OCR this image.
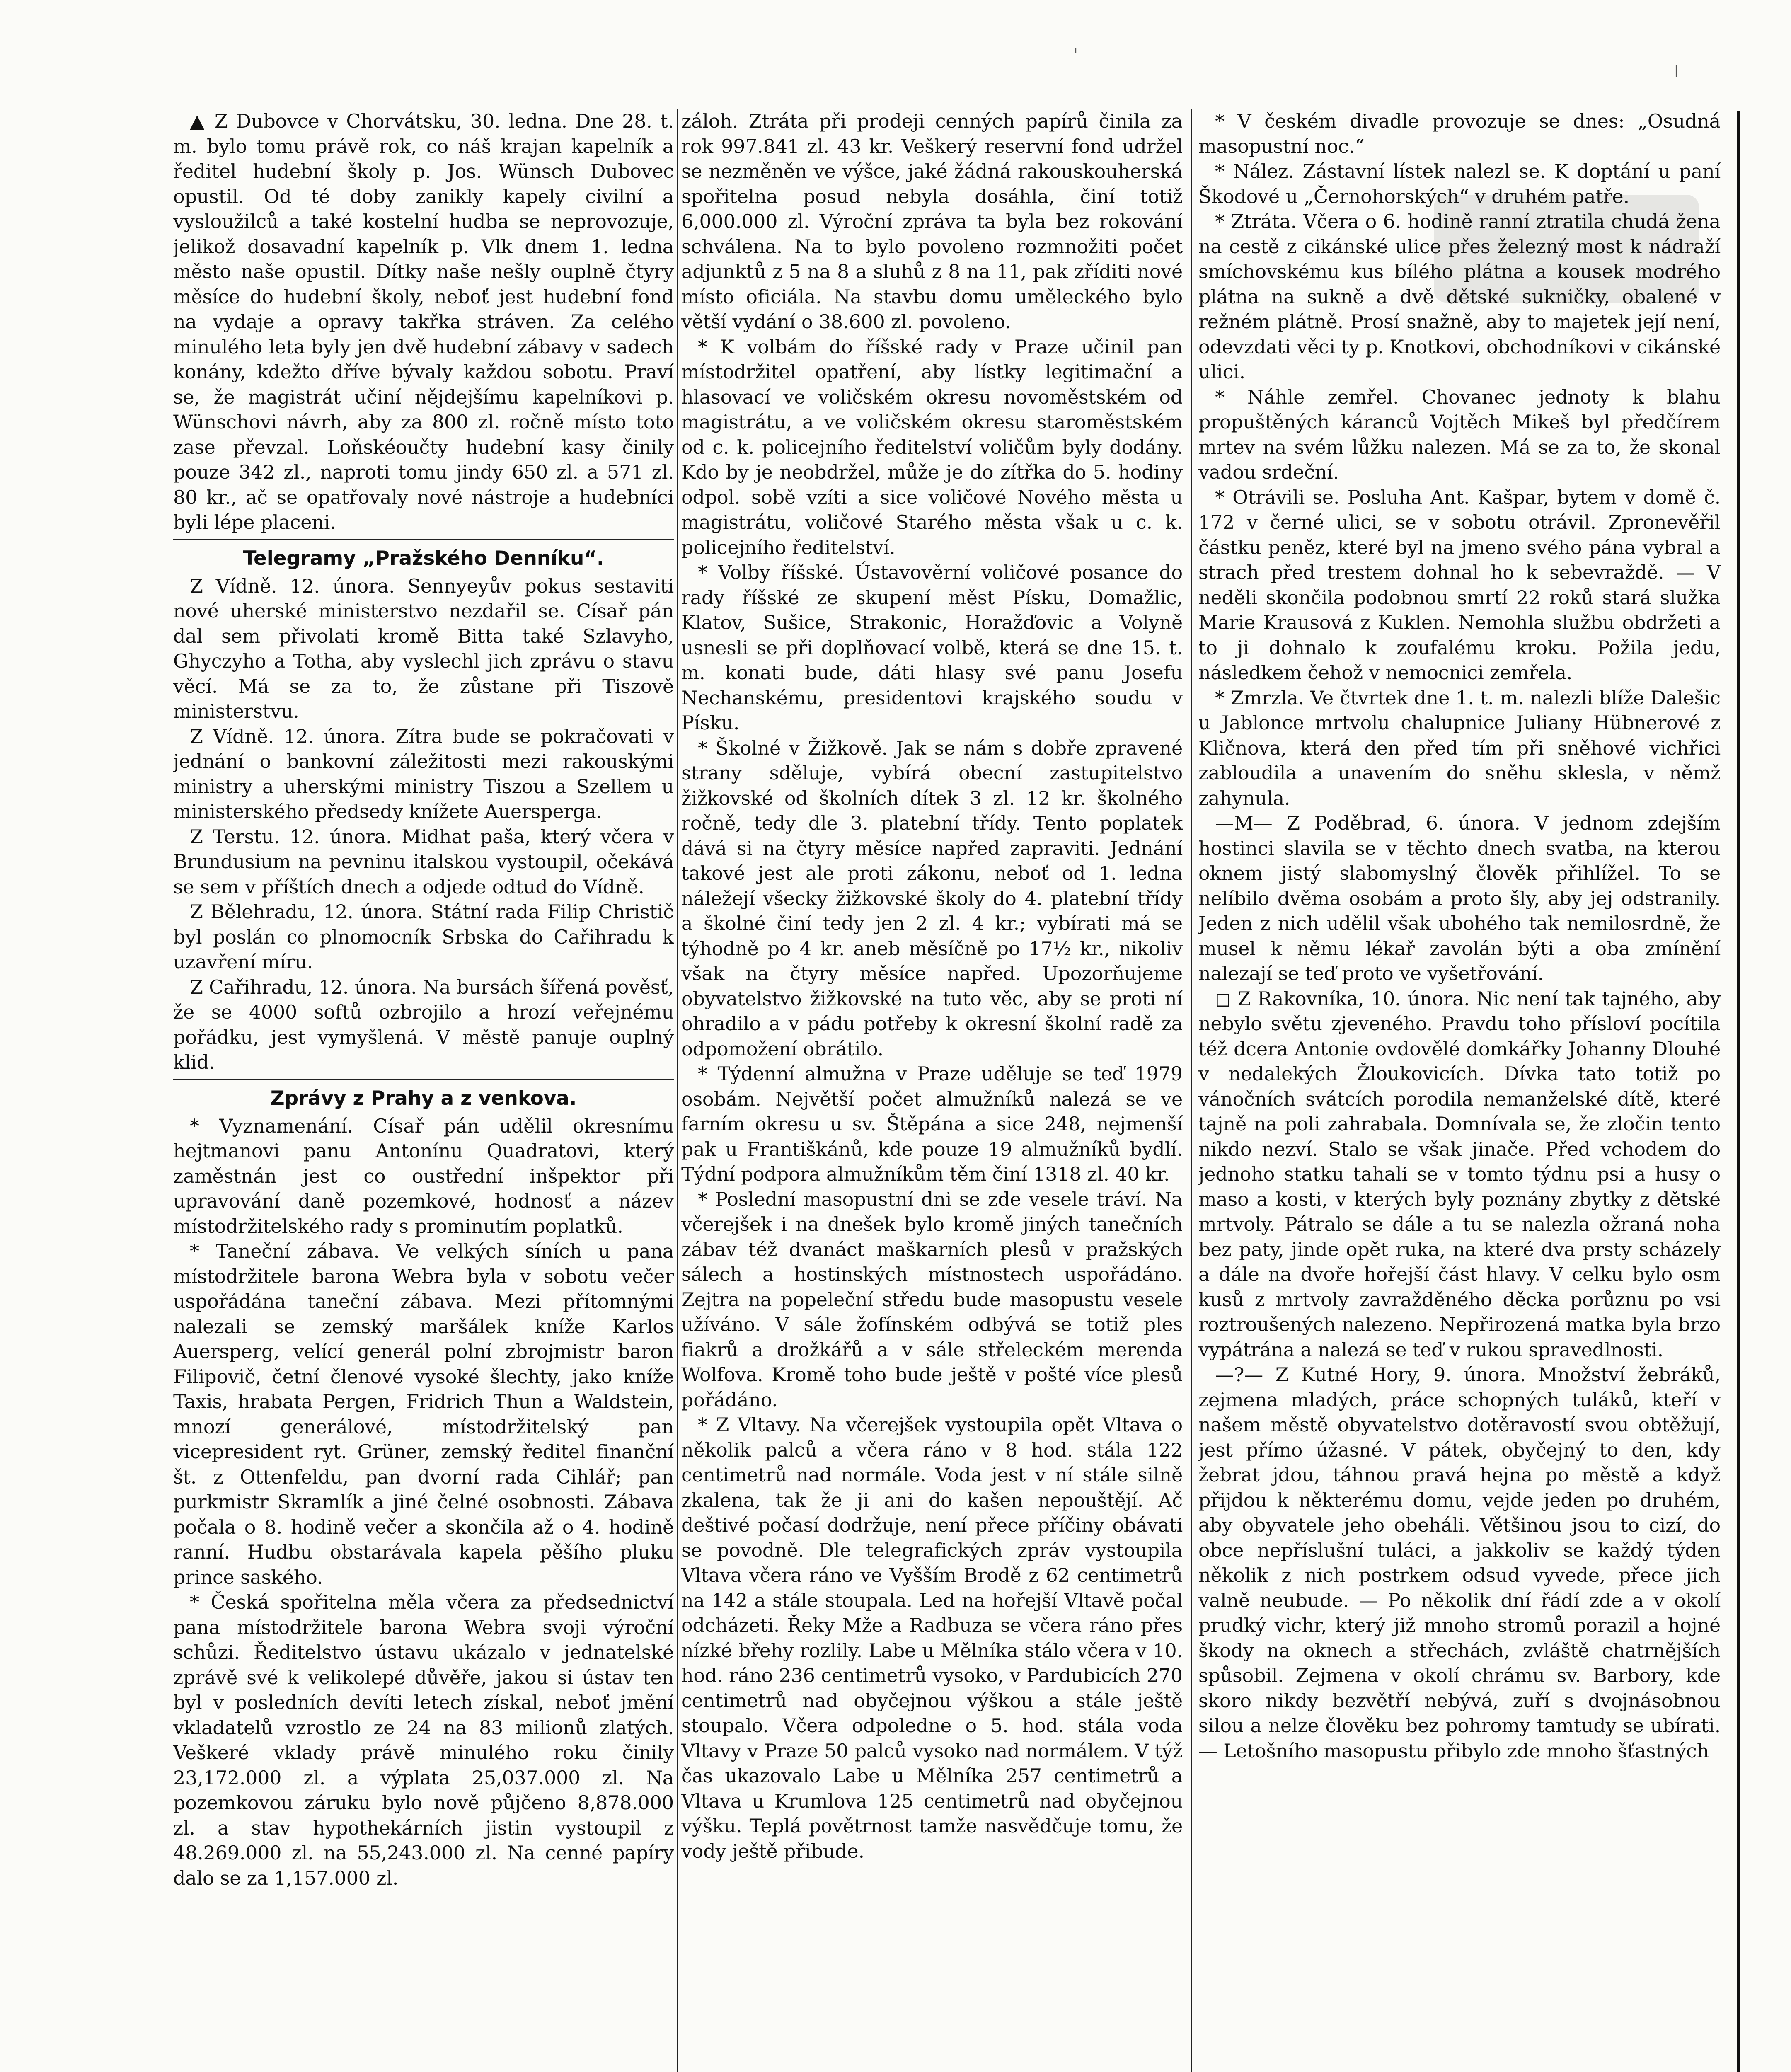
'
I

▲ Z Dubovce v Chorvátsku, 30. ledna. Dne 28. t. m. bylo tomu právě rok, co náš krajan kapelník a ředitel hudební školy p. Jos. Wünsch Dubovec opustil. Od té doby zanikly kapely civilní a vysloužilců a také kostelní hudba se neprovozuje, jelikož dosavadní kapelník p. Vlk dnem 1. ledna město naše opustil. Dítky naše nešly ouplně čtyry měsíce do hudební školy, neboť jest hudební fond na vydaje a opravy takřka stráven. Za celého minulého leta byly jen dvě hudební zábavy v sadech konány, kdežto dříve bývaly každou sobotu. Praví se, že magistrát učiní nějdejšímu kapelníkovi p. Wünschovi návrh, aby za 800 zl. ročně místo toto zase převzal. Loňskéoučty hudební kasy činily pouze 342 zl., naproti tomu jindy 650 zl. a 571 zl. 80 kr., ač se opatřovaly nové nástroje a hudebníci byli lépe placeni.

Telegramy „Pražského Denníku“.

Z Vídně. 12. února. Sennyeyův pokus sestaviti nové uherské ministerstvo nezdařil se. Císař pán dal sem přivolati kromě Bitta také Szlavyho, Ghyczyho a Totha, aby vyslechl jich zprávu o stavu věcí. Má se za to, že zůstane při Tiszově ministerstvu.

Z Vídně. 12. února. Zítra bude se pokračovati v jednání o bankovní záležitosti mezi rakouskými ministry a uherskými ministry Tiszou a Szellem u ministerského předsedy knížete Auersperga.

Z Terstu. 12. února. Midhat paša, který včera v Brundusium na pevninu italskou vystoupil, očekává se sem v příštích dnech a odjede odtud do Vídně.

Z Bělehradu, 12. února. Státní rada Filip Christič byl poslán co plnomocník Srbska do Cařihradu k uzavření míru.

Z Cařihradu, 12. února. Na bursách šířená pověsť, že se 4000 softů ozbrojilo a hrozí veřejnému pořádku, jest vymyšlená. V městě panuje ouplný klid.

Zprávy z Prahy a z venkova.

* Vyznamenání. Císař pán udělil okresnímu hejtmanovi panu Antonínu Quadratovi, který zaměstnán jest co oustřední inšpektor při upravování daně pozemkové, hodnosť a název místodržitelského rady s prominutím poplatků.

* Taneční zábava. Ve velkých síních u pana místodržitele barona Webra byla v sobotu večer uspořádána taneční zábava. Mezi přítomnými nalezali se zemský maršálek kníže Karlos Auersperg, velící generál polní zbrojmistr baron Filipovič, četní členové vysoké šlechty, jako kníže Taxis, hrabata Pergen, Fridrich Thun a Waldstein, mnozí generálové, místodržitelský pan vicepresident ryt. Grüner, zemský ředitel finanční št. z Ottenfeldu, pan dvorní rada Cihlář; pan purkmistr Skramlík a jiné čelné osobnosti. Zábava počala o 8. hodině večer a skončila až o 4. hodině ranní. Hudbu obstarávala kapela pěšího pluku prince saského.

* Česká spořitelna měla včera za předsednictví pana místodržitele barona Webra svoji výroční schůzi. Ředitelstvo ústavu ukázalo v jednatelské zprávě své k velikolepé důvěře, jakou si ústav ten byl v posledních devíti letech získal, neboť jmění vkladatelů vzrostlo ze 24 na 83 milionů zlatých. Veškeré vklady právě minulého roku činily 23,172.000 zl. a výplata 25,037.000 zl. Na pozemkovou záruku bylo nově půjčeno 8,878.000 zl. a stav hypothekárních jistin vystoupil z 48.269.000 zl. na 55,243.000 zl. Na cenné papíry dalo se za 1,157.000 zl.

záloh. Ztráta při prodeji cenných papírů činila za rok 997.841 zl. 43 kr. Veškerý reservní fond udržel se nezměněn ve výšce, jaké žádná rakouskouherská spořitelna posud nebyla dosáhla, činí totiž 6,000.000 zl. Výroční zpráva ta byla bez rokování schválena. Na to bylo povoleno rozmnožiti počet adjunktů z 5 na 8 a sluhů z 8 na 11, pak zříditi nové místo oficiála. Na stavbu domu uměleckého bylo větší vydání o 38.600 zl. povoleno.

* K volbám do říšské rady v Praze učinil pan místodržitel opatření, aby lístky legitimační a hlasovací ve voličském okresu novoměstském od magistrátu, a ve voličském okresu staroměstském od c. k. policejního ředitelství voličům byly dodány. Kdo by je neobdržel, může je do zítřka do 5. hodiny odpol. sobě vzíti a sice voličové Nového města u magistrátu, voličové Starého města však u c. k. policejního ředitelství.

* Volby říšské. Ústavověrní voličové posance do rady říšské ze skupení měst Písku, Domažlic, Klatov, Sušice, Strakonic, Horažďovic a Volyně usnesli se při doplňovací volbě, která se dne 15. t. m. konati bude, dáti hlasy své panu Josefu Nechanskému, presidentovi krajského soudu v Písku.

* Školné v Žižkově. Jak se nám s dobře zpravené strany sděluje, vybírá obecní zastupitelstvo žižkovské od školních dítek 3 zl. 12 kr. školného ročně, tedy dle 3. platební třídy. Tento poplatek dává si na čtyry měsíce napřed zapraviti. Jednání takové jest ale proti zákonu, neboť od 1. ledna náležejí všecky žižkovské školy do 4. platební třídy a školné činí tedy jen 2 zl. 4 kr.; vybírati má se týhodně po 4 kr. aneb měsíčně po 17½ kr., nikoliv však na čtyry měsíce napřed. Upozorňujeme obyvatelstvo žižkovské na tuto věc, aby se proti ní ohradilo a v pádu potřeby k okresní školní radě za odpomožení obrátilo.

* Týdenní almužna v Praze uděluje se teď 1979 osobám. Největší počet almužníků nalezá se ve farním okresu u sv. Štěpána a sice 248, nejmenší pak u Františkánů, kde pouze 19 almužníků bydlí. Týdní podpora almužníkům těm činí 1318 zl. 40 kr.

* Poslední masopustní dni se zde vesele tráví. Na včerejšek i na dnešek bylo kromě jiných tanečních zábav též dvanáct maškarních plesů v pražských sálech a hostinských místnostech uspořádáno. Zejtra na popeleční středu bude masopustu vesele užíváno. V sále žofínském odbývá se totiž ples fiakrů a drožkářů a v sále střeleckém merenda Wolfova. Kromě toho bude ještě v pošté více plesů pořádáno.

* Z Vltavy. Na včerejšek vystoupila opět Vltava o několik palců a včera ráno v 8 hod. stála 122 centimetrů nad normále. Voda jest v ní stále silně zkalena, tak že ji ani do kašen nepouštějí. Ač deštivé počasí dodržuje, není přece příčiny obávati se povodně. Dle telegrafických zpráv vystoupila Vltava včera ráno ve Vyšším Brodě z 62 centimetrů na 142 a stále stoupala. Led na hořejší Vltavě počal odcházeti. Řeky Mže a Radbuza se včera ráno přes nízké břehy rozlily. Labe u Mělníka stálo včera v 10. hod. ráno 236 centimetrů vysoko, v Pardubicích 270 centimetrů nad obyčejnou výškou a stále ještě stoupalo. Včera odpoledne o 5. hod. stála voda Vltavy v Praze 50 palců vysoko nad normálem. V týž čas ukazovalo Labe u Mělníka 257 centimetrů a Vltava u Krumlova 125 centimetrů nad obyčejnou výšku. Teplá povětrnost tamže nasvědčuje tomu, že vody ještě přibude.

* V českém divadle provozuje se dnes: „Osudná masopustní noc.“

* Nález. Zástavní lístek nalezl se. K doptání u paní Škodové u „Černohorských“ v druhém patře.

* Ztráta. Včera o 6. hodině ranní ztratila chudá žena na cestě z cikánské ulice přes železný most k nádraží smíchovskému kus bílého plátna a kousek modrého plátna na sukně a dvě dětské sukničky, obalené v režném plátně. Prosí snažně, aby to majetek její není, odevzdati věci ty p. Knotkovi, obchodníkovi v cikánské ulici.

* Náhle zemřel. Chovanec jednoty k blahu propuštěných káranců Vojtěch Mikeš byl předčírem mrtev na svém lůžku nalezen. Má se za to, že skonal vadou srdeční.

* Otrávili se. Posluha Ant. Kašpar, bytem v domě č. 172 v černé ulici, se v sobotu otrávil. Zpronevěřil částku peněz, které byl na jmeno svého pána vybral a strach před trestem dohnal ho k sebevraždě. — V neděli skončila podobnou smrtí 22 roků stará služka Marie Krausová z Kuklen. Nemohla službu obdržeti a to ji dohnalo k zoufalému kroku. Požila jedu, následkem čehož v nemocnici zemřela.

* Zmrzla. Ve čtvrtek dne 1. t. m. nalezli blíže Dalešic u Jablonce mrtvolu chalupnice Juliany Hübnerové z Kličnova, která den před tím při sněhové vichřici zabloudila a unavením do sněhu sklesla, v němž zahynula.

—M— Z Poděbrad, 6. února. V jednom zdejším hostinci slavila se v těchto dnech svatba, na kterou oknem jistý slabomyslný člověk přihlížel. To se nelíbilo dvěma osobám a proto šly, aby jej odstranily. Jeden z nich udělil však ubohého tak nemilosrdně, že musel k němu lékař zavolán býti a oba zmínění nalezají se teď proto ve vyšetřování.

◻ Z Rakovníka, 10. února. Nic není tak tajného, aby nebylo světu zjeveného. Pravdu toho přísloví pocítila též dcera Antonie ovdovělé domkářky Johanny Dlouhé v nedalekých Žloukovicích. Dívka tato totiž po vánočních svátcích porodila nemanželské dítě, které tajně na poli zahrabala. Domnívala se, že zločin tento nikdo nezví. Stalo se však jinače. Před vchodem do jednoho statku tahali se v tomto týdnu psi a husy o maso a kosti, v kterých byly poznány zbytky z dětské mrtvoly. Pátralo se dále a tu se nalezla ožraná noha bez paty, jinde opět ruka, na které dva prsty scházely a dále na dvoře hořejší část hlavy. V celku bylo osm kusů z mrtvoly zavražděného děcka porůznu po vsi roztroušených nalezeno. Nepřirozená matka byla brzo vypátrána a nalezá se teď v rukou spravedlnosti.

—?— Z Kutné Hory, 9. února. Množství žebráků, zejmena mladých, práce schopných tuláků, kteří v našem městě obyvatelstvo dotěravostí svou obtěžují, jest přímo úžasné. V pátek, obyčejný to den, kdy žebrat jdou, táhnou pravá hejna po městě a když přijdou k některému domu, vejde jeden po druhém, aby obyvatele jeho obeháli. Většinou jsou to cizí, do obce nepříslušní tuláci, a jakkoliv se každý týden několik z nich postrkem odsud vyvede, přece jich valně neubude. — Po několik dní řádí zde a v okolí prudký vichr, který již mnoho stromů porazil a hojné škody na oknech a střechách, zvláště chatrnějších spůsobil. Zejmena v okolí chrámu sv. Barbory, kde skoro nikdy bezvětří nebývá, zuří s dvojnásobnou silou a nelze člověku bez pohromy tamtudy se ubírati. — Letošního masopustu přibylo zde mnoho šťastných
